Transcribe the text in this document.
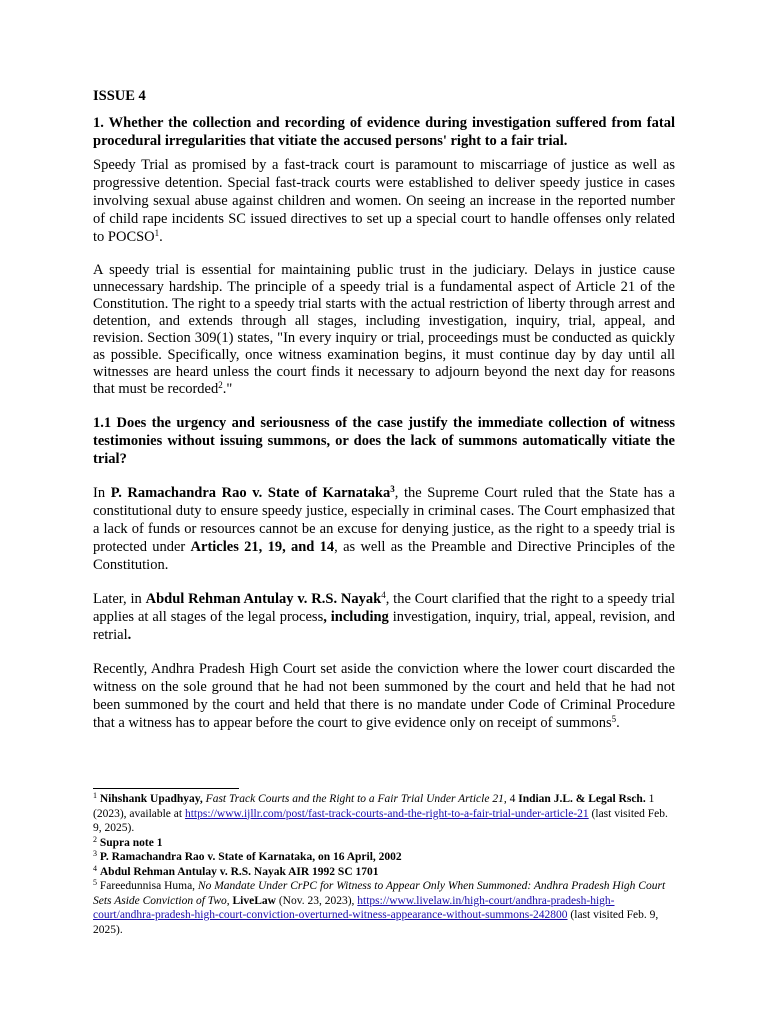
ISSUE 4
1. Whether the collection and recording of evidence during investigation suffered from fatal procedural irregularities that vitiate the accused persons' right to a fair trial.

Speedy Trial as promised by a fast-track court is paramount to miscarriage of justice as well as progressive detention. Special fast-track courts were established to deliver speedy justice in cases involving sexual abuse against children and women. On seeing an increase in the reported number of child rape incidents SC issued directives to set up a special court to handle offenses only related to POCSO$^1$.

A speedy trial is essential for maintaining public trust in the judiciary. Delays in justice cause unnecessary hardship. The principle of a speedy trial is a fundamental aspect of Article 21 of the Constitution. The right to a speedy trial starts with the actual restriction of liberty through arrest and detention, and extends through all stages, including investigation, inquiry, trial, appeal, and revision. Section 309(1) states, "In every inquiry or trial, proceedings must be conducted as quickly as possible. Specifically, once witness examination begins, it must continue day by day until all witnesses are heard unless the court finds it necessary to adjourn beyond the next day for reasons that must be recorded$^2$."

1.1 Does the urgency and seriousness of the case justify the immediate collection of witness testimonies without issuing summons, or does the lack of summons automatically vitiate the trial?

In P. Ramachandra Rao v. State of Karnataka$^3$, the Supreme Court ruled that the State has a constitutional duty to ensure speedy justice, especially in criminal cases. The Court emphasized that a lack of funds or resources cannot be an excuse for denying justice, as the right to a speedy trial is protected under Articles 21, 19, and 14, as well as the Preamble and Directive Principles of the Constitution.

Later, in Abdul Rehman Antulay v. R.S. Nayak$^4$, the Court clarified that the right to a speedy trial applies at all stages of the legal process, including investigation, inquiry, trial, appeal, revision, and retrial.

Recently, Andhra Pradesh High Court set aside the conviction where the lower court discarded the witness on the sole ground that he had not been summoned by the court and held that he had not been summoned by the court and held that there is no mandate under Code of Criminal Procedure that a witness has to appear before the court to give evidence only on receipt of summons$^5$.

$^1$ Nihshank Upadhyay, Fast Track Courts and the Right to a Fair Trial Under Article 21, 4 Indian J.L. & Legal Rsch. 1 (2023), available at https://www.ijllr.com/post/fast-track-courts-and-the-right-to-a-fair-trial-under-article-21 (last visited Feb. 9, 2025).

$^2$ Supra note 1

$^3$ P. Ramachandra Rao v. State of Karnataka, on 16 April, 2002

$^4$ Abdul Rehman Antulay v. R.S. Nayak AIR 1992 SC 1701

$^5$ Fareedunnisa Huma, No Mandate Under CrPC for Witness to Appear Only When Summoned: Andhra Pradesh High Court Sets Aside Conviction of Two, LiveLaw (Nov. 23, 2023), https://www.livelaw.in/high-court/andhra-pradesh-high-court/andhra-pradesh-high-court-conviction-overturned-witness-appearance-without-summons-242800 (last visited Feb. 9, 2025).
